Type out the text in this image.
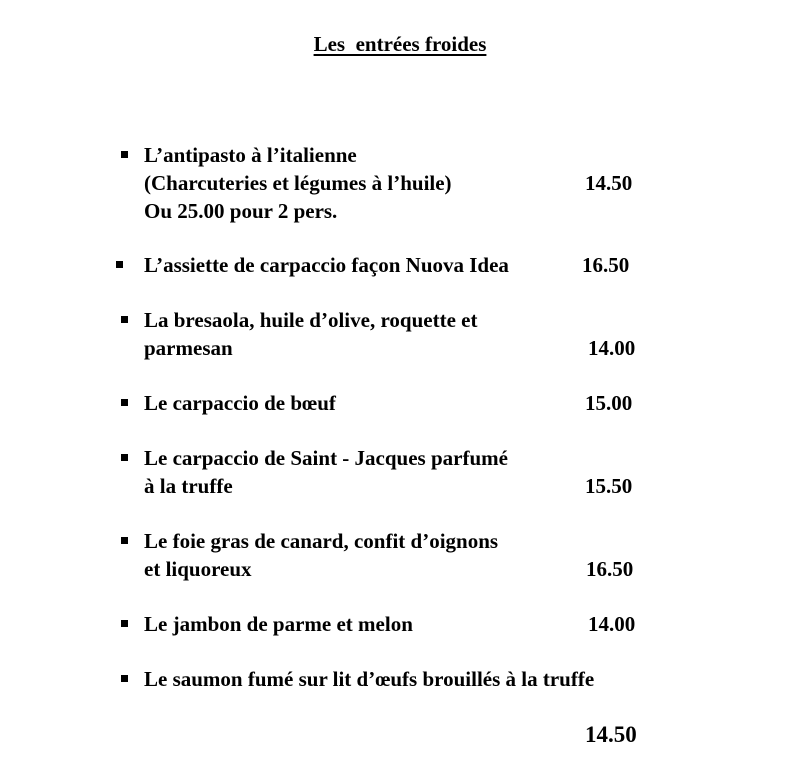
Les  entrées froides
L’antipasto à l’italienne
(Charcuteries et légumes à l’huile)
Ou 25.00 pour 2 pers.
14.50
L’assiette de carpaccio façon Nuova Idea	16.50
La bresaola, huile d’olive, roquette et
parmesan	14.00
Le carpaccio de bœuf	15.00
Le carpaccio de Saint - Jacques parfumé
à la truffe	15.50
Le foie gras de canard, confit d’oignons
et liquoreux	16.50
Le jambon de parme et melon	14.00
Le saumon fumé sur lit d’œufs brouillés à la truffe
14.50
